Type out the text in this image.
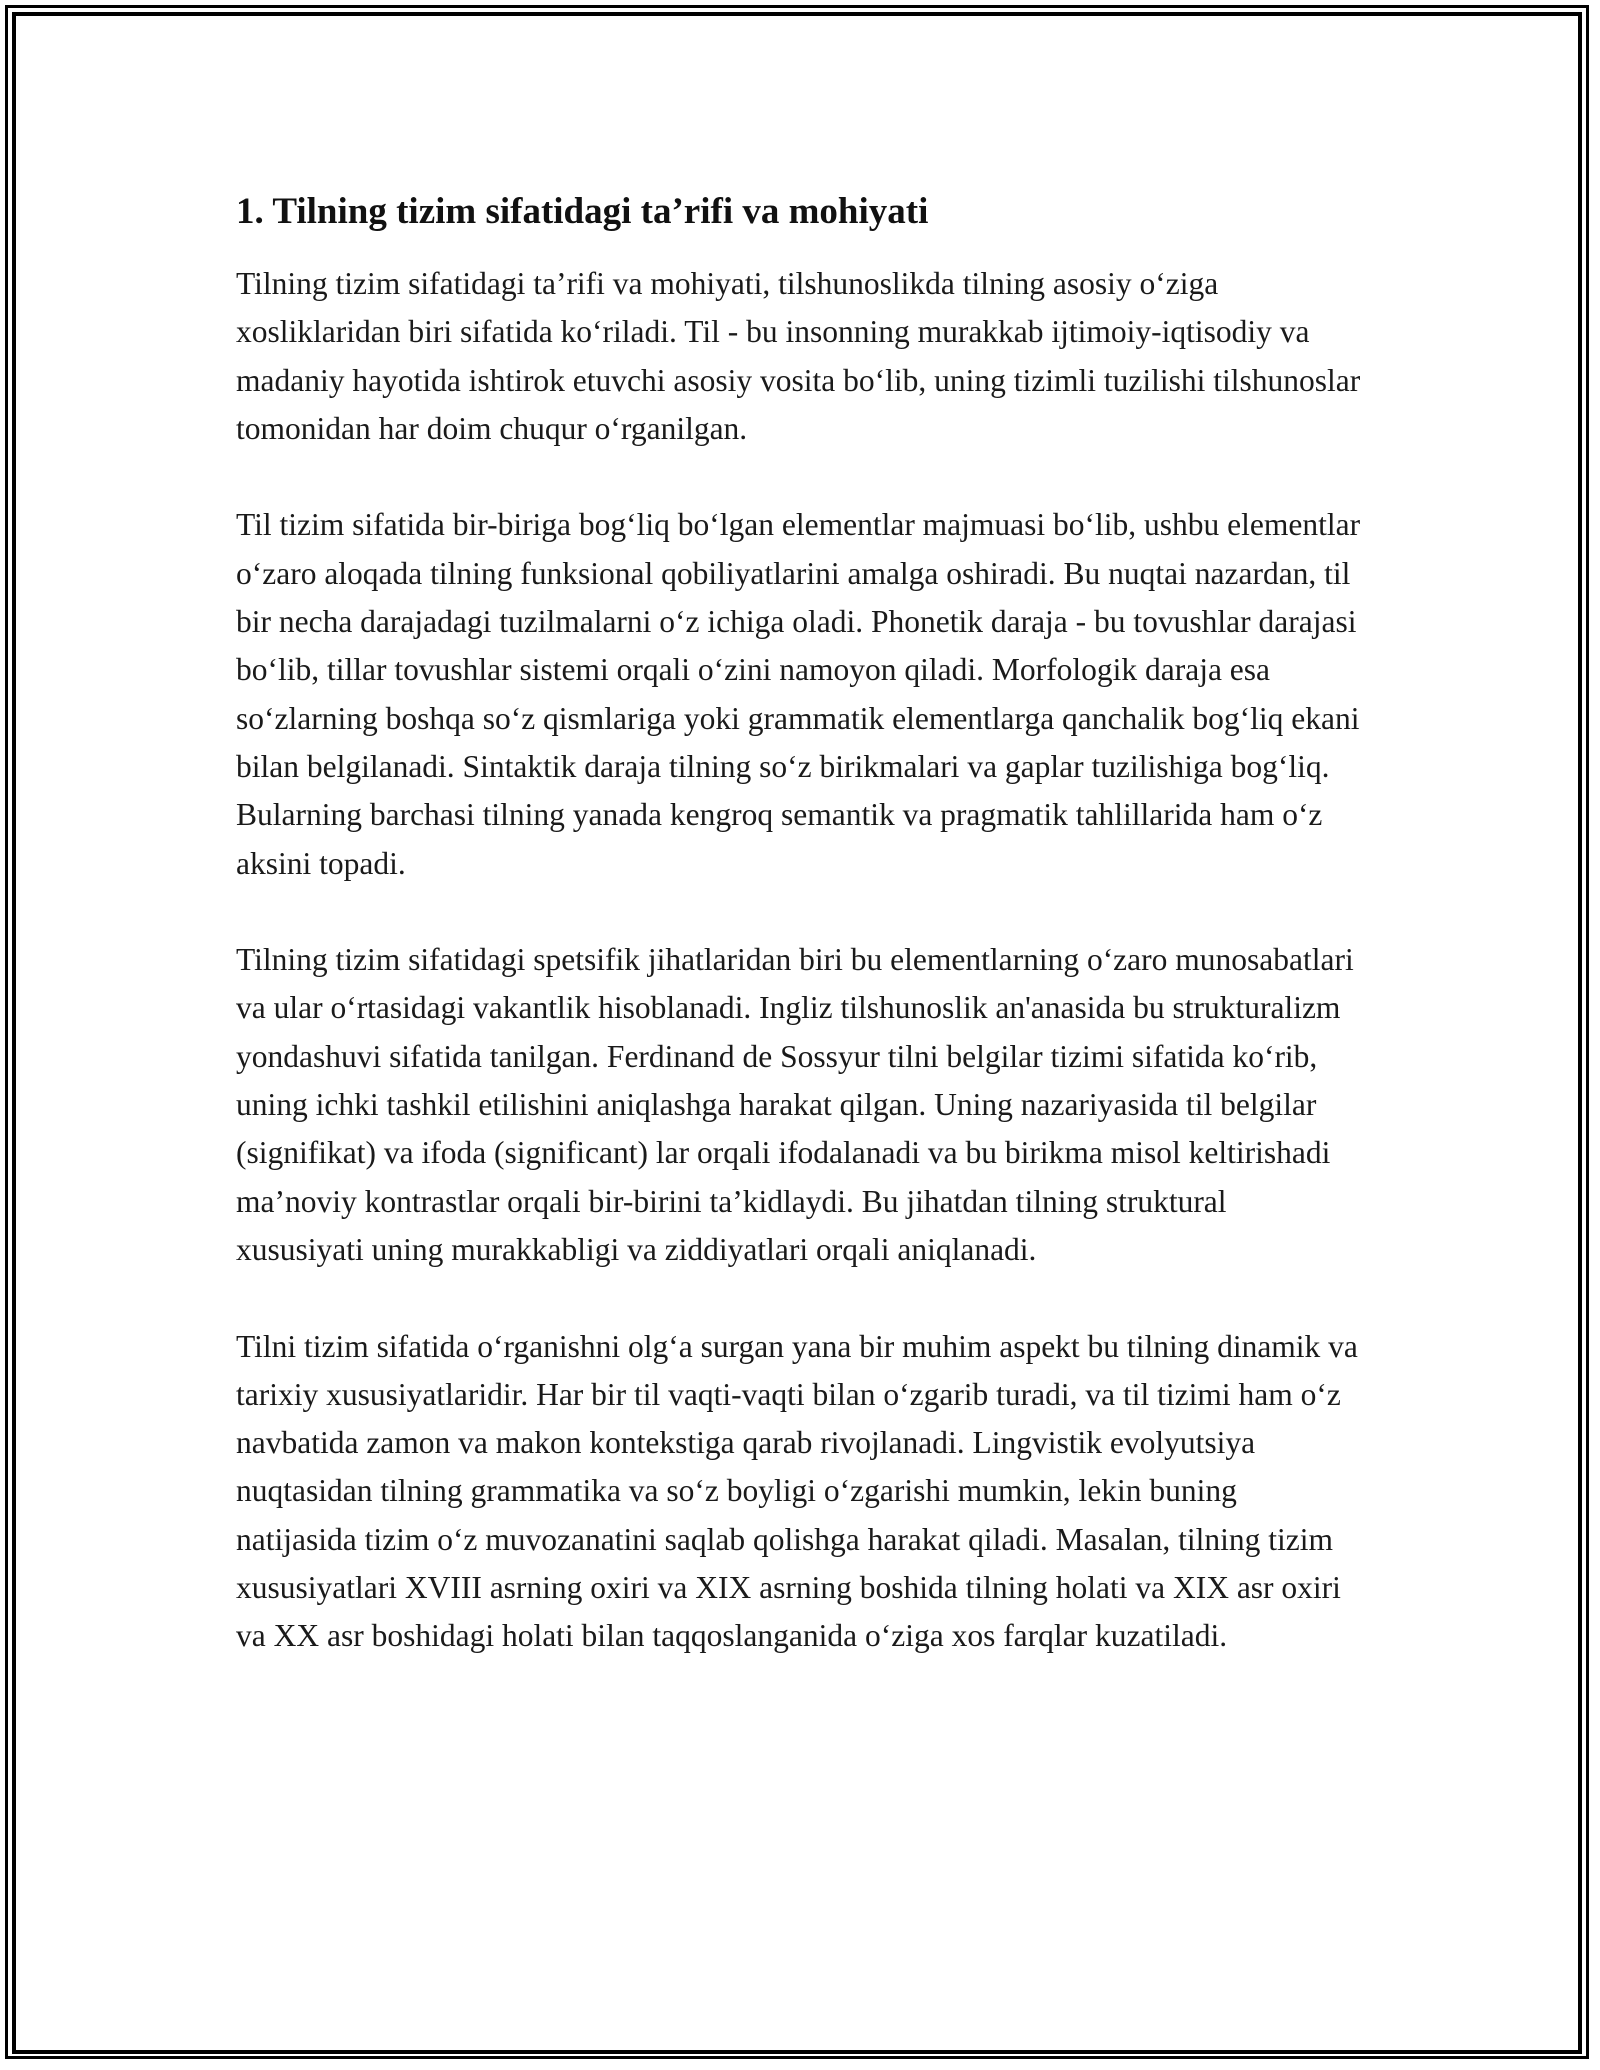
1. Tilning tizim sifatidagi ta’rifi va mohiyati

Tilning tizim sifatidagi ta’rifi va mohiyati, tilshunoslikda tilning asosiy o‘ziga xosliklaridan biri sifatida ko‘riladi. Til - bu insonning murakkab ijtimoiy-iqtisodiy va madaniy hayotida ishtirok etuvchi asosiy vosita bo‘lib, uning tizimli tuzilishi tilshunoslar tomonidan har doim chuqur o‘rganilgan.

Til tizim sifatida bir-biriga bog‘liq bo‘lgan elementlar majmuasi bo‘lib, ushbu elementlar o‘zaro aloqada tilning funksional qobiliyatlarini amalga oshiradi. Bu nuqtai nazardan, til bir necha darajadagi tuzilmalarni o‘z ichiga oladi. Phonetik daraja - bu tovushlar darajasi bo‘lib, tillar tovushlar sistemi orqali o‘zini namoyon qiladi. Morfologik daraja esa so‘zlarning boshqa so‘z qismlariga yoki grammatik elementlarga qanchalik bog‘liq ekani bilan belgilanadi. Sintaktik daraja tilning so‘z birikmalari va gaplar tuzilishiga bog‘liq. Bularning barchasi tilning yanada kengroq semantik va pragmatik tahlillarida ham o‘z aksini topadi.

Tilning tizim sifatidagi spetsifik jihatlaridan biri bu elementlarning o‘zaro munosabatlari va ular o‘rtasidagi vakantlik hisoblanadi. Ingliz tilshunoslik an'anasida bu strukturalizm yondashuvi sifatida tanilgan. Ferdinand de Sossyur tilni belgilar tizimi sifatida ko‘rib, uning ichki tashkil etilishini aniqlashga harakat qilgan. Uning nazariyasida til belgilar (signifikat) va ifoda (significant) lar orqali ifodalanadi va bu birikma misol keltirishadi ma’noviy kontrastlar orqali bir-birini ta’kidlaydi. Bu jihatdan tilning struktural xususiyati uning murakkabligi va ziddiyatlari orqali aniqlanadi.

Tilni tizim sifatida o‘rganishni olg‘a surgan yana bir muhim aspekt bu tilning dinamik va tarixiy xususiyatlaridir. Har bir til vaqti-vaqti bilan o‘zgarib turadi, va til tizimi ham o‘z navbatida zamon va makon kontekstiga qarab rivojlanadi. Lingvistik evolyutsiya nuqtasidan tilning grammatika va so‘z boyligi o‘zgarishi mumkin, lekin buning natijasida tizim o‘z muvozanatini saqlab qolishga harakat qiladi. Masalan, tilning tizim xususiyatlari XVIII asrning oxiri va XIX asrning boshida tilning holati va XIX asr oxiri va XX asr boshidagi holati bilan taqqoslanganida o‘ziga xos farqlar kuzatiladi.
